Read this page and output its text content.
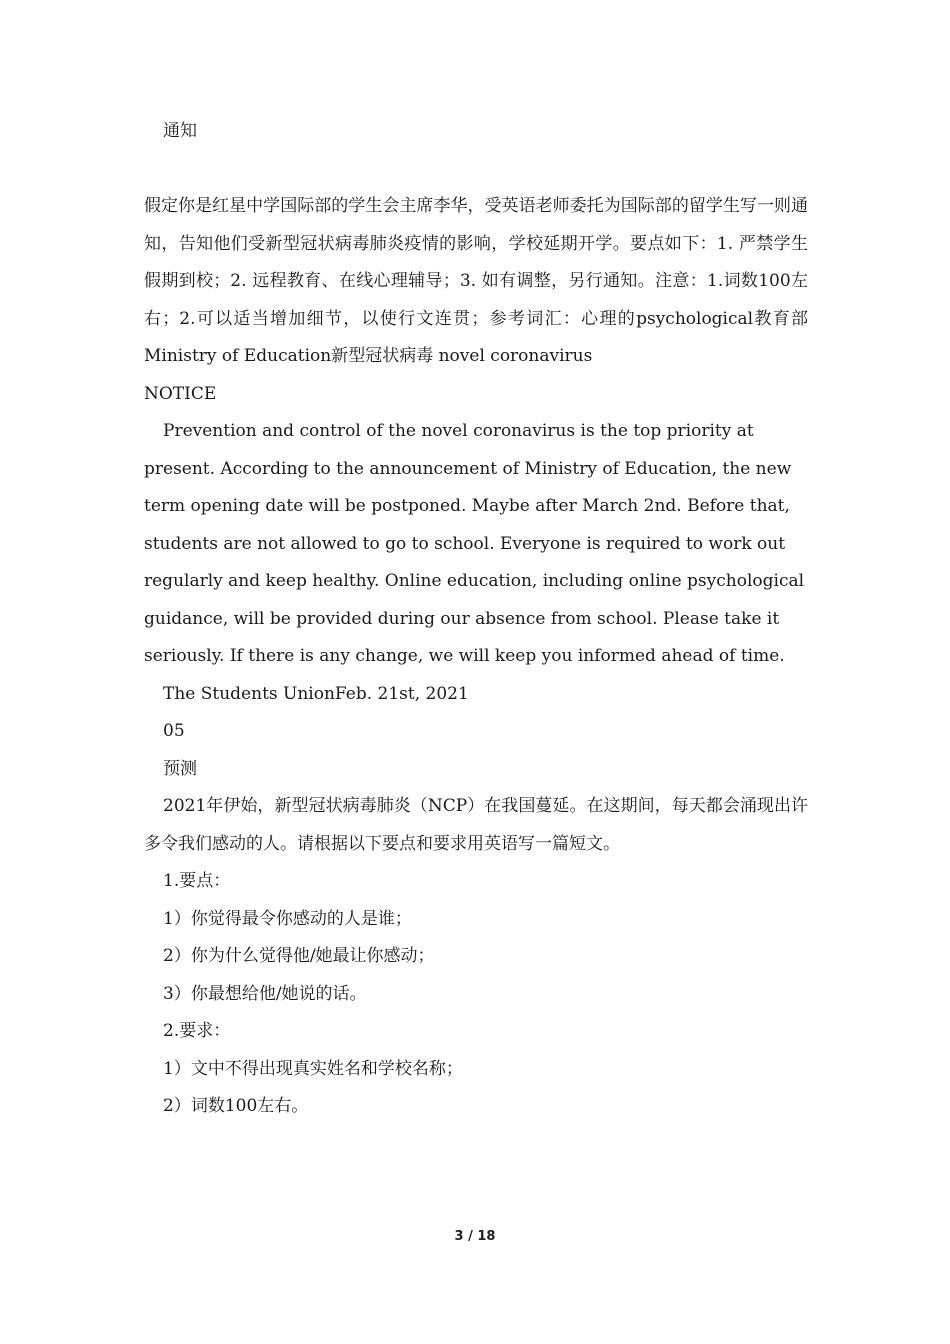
通知

假定你是红星中学国际部的学生会主席李华，受英语老师委托为国际部的留学生写一则通知，告知他们受新型冠状病毒肺炎疫情的影响，学校延期开学。要点如下：1. 严禁学生假期到校；2. 远程教育、在线心理辅导；3. 如有调整，另行通知。注意：1.词数100左右；2.可以适当增加细节，以使行文连贯；参考词汇：心理的psychological教育部 Ministry of Education新型冠状病毒 novel coronavirus

NOTICE

Prevention and control of the novel coronavirus is the top priority at present. According to the announcement of Ministry of Education, the new term opening date will be postponed. Maybe after March 2nd. Before that, students are not allowed to go to school. Everyone is required to work out regularly and keep healthy. Online education, including online psychological guidance, will be provided during our absence from school. Please take it seriously. If there is any change, we will keep you informed ahead of time.

The Students UnionFeb. 21st, 2021

05

预测

2021年伊始，新型冠状病毒肺炎（NCP）在我国蔓延。在这期间，每天都会涌现出许多令我们感动的人。请根据以下要点和要求用英语写一篇短文。

1.要点：

1）你觉得最令你感动的人是谁；

2）你为什么觉得他/她最让你感动；

3）你最想给他/她说的话。

2.要求：

1）文中不得出现真实姓名和学校名称；

2）词数100左右。

3 / 18
